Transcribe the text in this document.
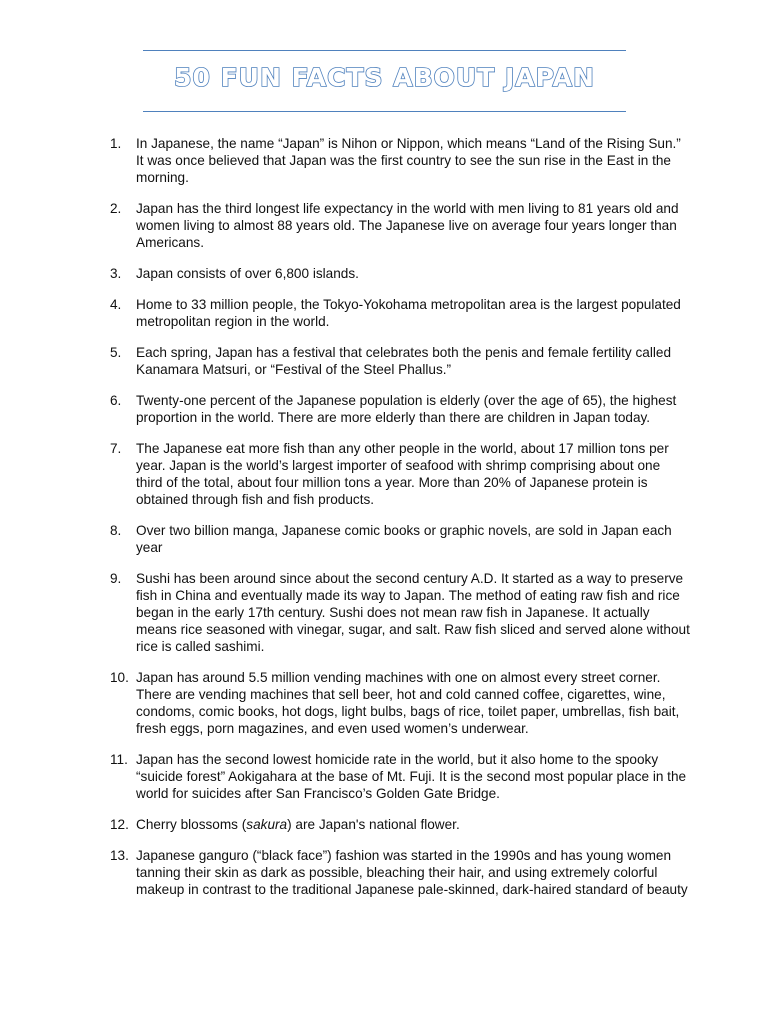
50 FUN FACTS ABOUT JAPAN
1. In Japanese, the name “Japan” is Nihon or Nippon, which means “Land of the Rising Sun.” It was once believed that Japan was the first country to see the sun rise in the East in the morning.
2. Japan has the third longest life expectancy in the world with men living to 81 years old and women living to almost 88 years old. The Japanese live on average four years longer than Americans.
3. Japan consists of over 6,800 islands.
4. Home to 33 million people, the Tokyo-Yokohama metropolitan area is the largest populated metropolitan region in the world.
5. Each spring, Japan has a festival that celebrates both the penis and female fertility called Kanamara Matsuri, or “Festival of the Steel Phallus.”
6. Twenty-one percent of the Japanese population is elderly (over the age of 65), the highest proportion in the world. There are more elderly than there are children in Japan today.
7. The Japanese eat more fish than any other people in the world, about 17 million tons per year. Japan is the world’s largest importer of seafood with shrimp comprising about one third of the total, about four million tons a year. More than 20% of Japanese protein is obtained through fish and fish products.
8. Over two billion manga, Japanese comic books or graphic novels, are sold in Japan each year
9. Sushi has been around since about the second century A.D. It started as a way to preserve fish in China and eventually made its way to Japan. The method of eating raw fish and rice began in the early 17th century. Sushi does not mean raw fish in Japanese. It actually means rice seasoned with vinegar, sugar, and salt. Raw fish sliced and served alone without rice is called sashimi.
10. Japan has around 5.5 million vending machines with one on almost every street corner. There are vending machines that sell beer, hot and cold canned coffee, cigarettes, wine, condoms, comic books, hot dogs, light bulbs, bags of rice, toilet paper, umbrellas, fish bait, fresh eggs, porn magazines, and even used women’s underwear.
11. Japan has the second lowest homicide rate in the world, but it also home to the spooky “suicide forest” Aokigahara at the base of Mt. Fuji. It is the second most popular place in the world for suicides after San Francisco’s Golden Gate Bridge.
12. Cherry blossoms (sakura) are Japan's national flower.
13. Japanese ganguro (“black face”) fashion was started in the 1990s and has young women tanning their skin as dark as possible, bleaching their hair, and using extremely colorful makeup in contrast to the traditional Japanese pale-skinned, dark-haired standard of beauty
